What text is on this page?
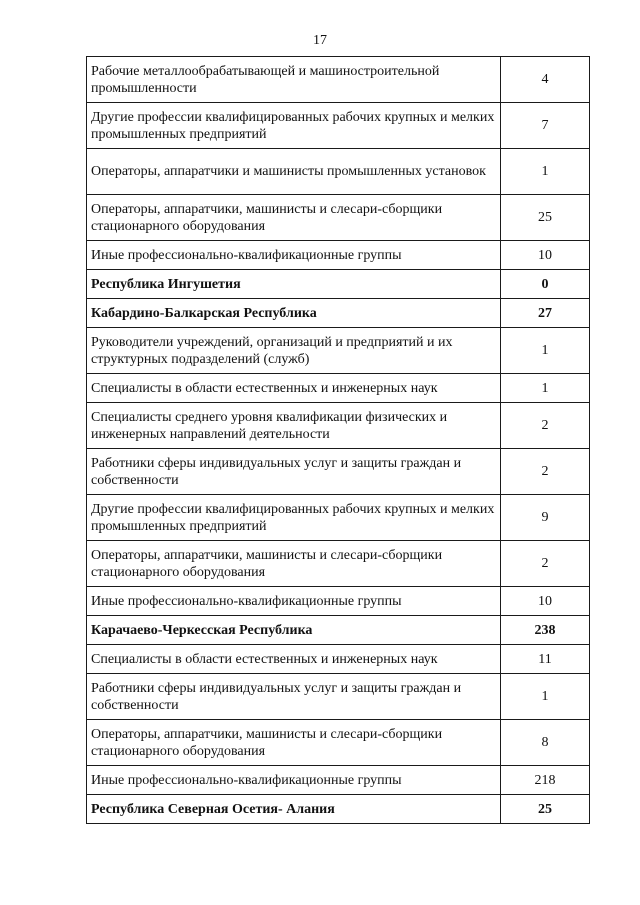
17
Рабочие металлообрабатывающей и машиностроительной промышленности	4
Другие профессии квалифицированных рабочих крупных и мелких промышленных предприятий	7
Операторы, аппаратчики и машинисты промышленных установок	1
Операторы, аппаратчики, машинисты и слесари-сборщики стационарного оборудования	25
Иные профессионально-квалификационные группы	10
Республика Ингушетия	0
Кабардино-Балкарская Республика	27
Руководители учреждений, организаций и предприятий и их структурных подразделений (служб)	1
Специалисты в области естественных и инженерных наук	1
Специалисты среднего уровня квалификации физических и инженерных направлений деятельности	2
Работники сферы индивидуальных услуг и защиты граждан и собственности	2
Другие профессии квалифицированных рабочих крупных и мелких промышленных предприятий	9
Операторы, аппаратчики, машинисты и слесари-сборщики стационарного оборудования	2
Иные профессионально-квалификационные группы	10
Карачаево-Черкесская Республика	238
Специалисты в области естественных и инженерных наук	11
Работники сферы индивидуальных услуг и защиты граждан и собственности	1
Операторы, аппаратчики, машинисты и слесари-сборщики стационарного оборудования	8
Иные профессионально-квалификационные группы	218
Республика Северная Осетия- Алания	25
